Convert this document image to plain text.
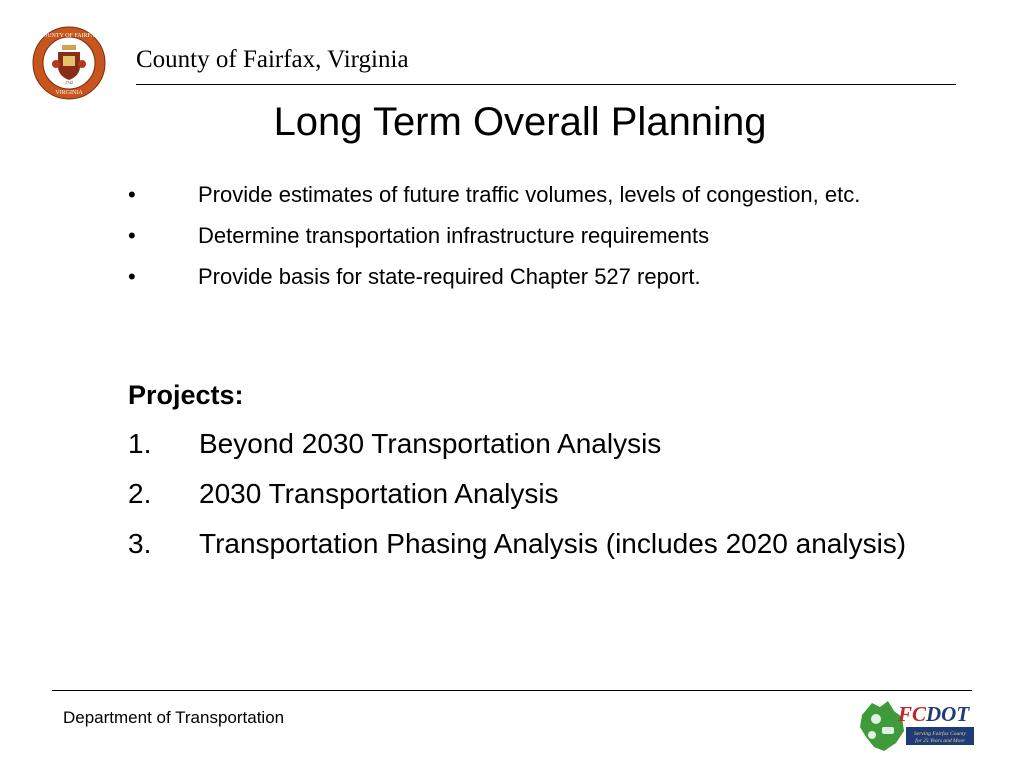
COUNTY OF FAIRFAX
1742
VIRGINIA
County of Fairfax, Virginia
Long Term Overall Planning
•	Provide estimates of future traffic volumes, levels of congestion, etc.
•	Determine transportation infrastructure requirements
•	Provide basis for state-required Chapter 527 report.
Projects:
1. Beyond 2030 Transportation Analysis
2. 2030 Transportation Analysis
3. Transportation Phasing Analysis (includes 2020 analysis)
Department of Transportation	FCDOT
Serving Fairfax County
for 25 Years and More
